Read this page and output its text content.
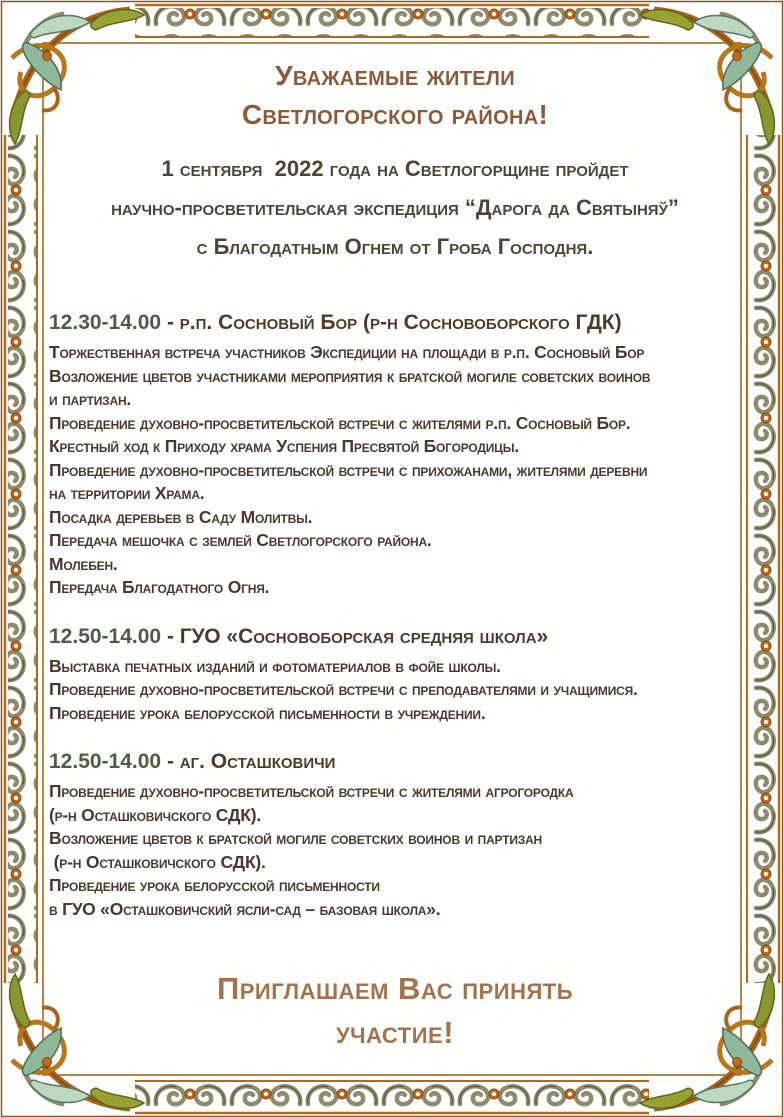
Уважаемые жители
Светлогорского района!
1 сентября  2022 года на Светлогорщине пройдет
научно-просветительская экспедиция “Дарога да Святыняў”
с Благодатным Огнем от Гроба Господня.
12.30-14.00 - р.п. Сосновый Бор (р-н Сосновоборского ГДК)
Торжественная встреча участников Экспедиции на площади в р.п. Сосновый Бор
Возложение цветов участниками мероприятия к братской могиле советских воинов
и партизан.
Проведение духовно-просветительской встречи с жителями р.п. Сосновый Бор.
Крестный ход к Приходу храма Успения Пресвятой Богородицы.
Проведение духовно-просветительской встречи с прихожанами, жителями деревни
на территории Храма.
Посадка деревьев в Саду Молитвы.
Передача мешочка с землей Светлогорского района.
Молебен.
Передача Благодатного Огня.
12.50-14.00 - ГУО «Сосновоборская средняя школа»
Выставка печатных изданий и фотоматериалов в фойе школы.
Проведение духовно-просветительской встречи с преподавателями и учащимися.
Проведение урока белорусской письменности в учреждении.
12.50-14.00 - аг. Осташковичи
Проведение духовно-просветительской встречи с жителями агрогородка
(р-н Осташковичского СДК).
Возложение цветов к братской могиле советских воинов и партизан
(р-н Осташковичского СДК).
Проведение урока белорусской письменности
в ГУО «Осташковичский ясли-сад – базовая школа».
Приглашаем Вас принять
участие!
